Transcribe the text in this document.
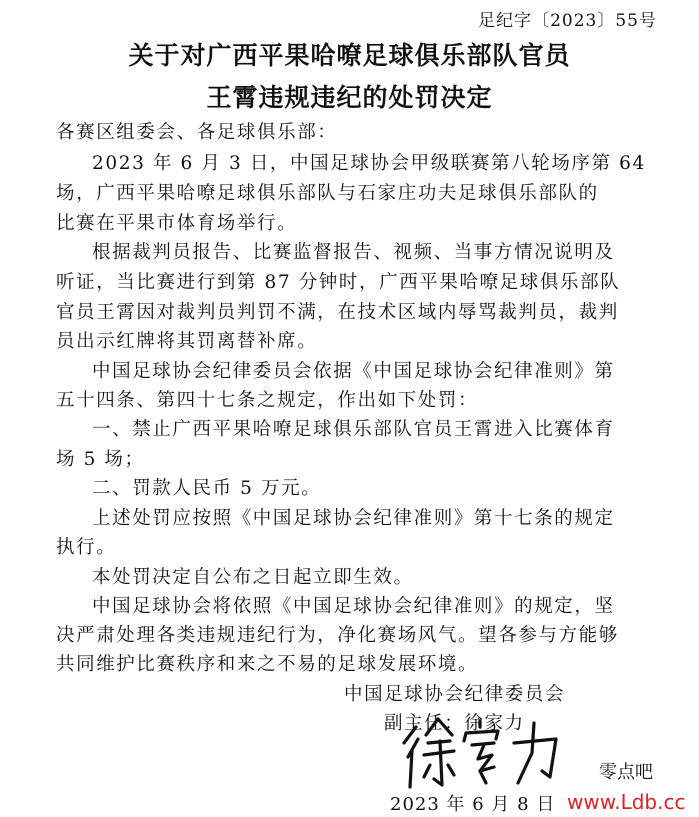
足纪字〔2023〕55号
关于对广西平果哈嘹足球俱乐部队官员
王霄违规违纪的处罚决定
各赛区组委会、各足球俱乐部：
2023 年 6 月 3 日，中国足球协会甲级联赛第八轮场序第 64
场，广西平果哈嘹足球俱乐部队与石家庄功夫足球俱乐部队的
比赛在平果市体育场举行。
根据裁判员报告、比赛监督报告、视频、当事方情况说明及
听证，当比赛进行到第 87 分钟时，广西平果哈嘹足球俱乐部队
官员王霄因对裁判员判罚不满，在技术区域内辱骂裁判员，裁判
员出示红牌将其罚离替补席。
中国足球协会纪律委员会依据《中国足球协会纪律准则》第
五十四条、第四十七条之规定，作出如下处罚：
一、禁止广西平果哈嘹足球俱乐部队官员王霄进入比赛体育
场 5 场；
二、罚款人民币 5 万元。
上述处罚应按照《中国足球协会纪律准则》第十七条的规定
执行。
本处罚决定自公布之日起立即生效。
中国足球协会将依照《中国足球协会纪律准则》的规定，坚
决严肃处理各类违规违纪行为，净化赛场风气。望各参与方能够
共同维护比赛秩序和来之不易的足球发展环境。
中国足球协会纪律委员会
副主任：徐家力
2023 年 6 月 8 日
零点吧
www.Ldb.cc
